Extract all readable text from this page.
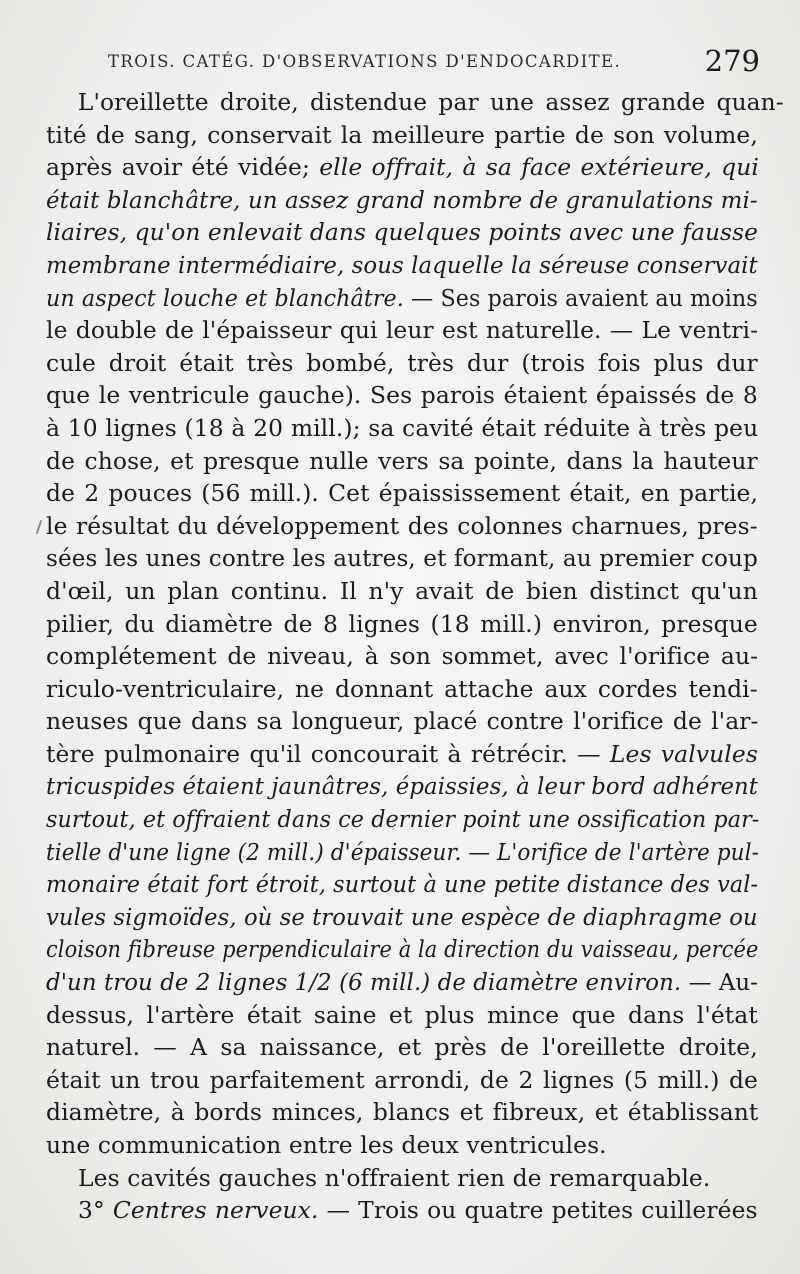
TROIS. CATÉG. D'OBSERVATIONS D'ENDOCARDITE.	279
L'oreillette droite, distendue par une assez grande quan-
tité de sang, conservait la meilleure partie de son volume,
après avoir été vidée; elle offrait, à sa face extérieure, qui
était blanchâtre, un assez grand nombre de granulations mi-
liaires, qu'on enlevait dans quelques points avec une fausse
membrane intermédiaire, sous laquelle la séreuse conservait
un aspect louche et blanchâtre. — Ses parois avaient au moins
le double de l'épaisseur qui leur est naturelle. — Le ventri-
cule droit était très bombé, très dur (trois fois plus dur
que le ventricule gauche). Ses parois étaient épaissés de 8
à 10 lignes (18 à 20 mill.); sa cavité était réduite à très peu
de chose, et presque nulle vers sa pointe, dans la hauteur
de 2 pouces (56 mill.). Cet épaississement était, en partie,
le résultat du développement des colonnes charnues, pres-
sées les unes contre les autres, et formant, au premier coup
d'œil, un plan continu. Il n'y avait de bien distinct qu'un
pilier, du diamètre de 8 lignes (18 mill.) environ, presque
complétement de niveau, à son sommet, avec l'orifice au-
riculo-ventriculaire, ne donnant attache aux cordes tendi-
neuses que dans sa longueur, placé contre l'orifice de l'ar-
tère pulmonaire qu'il concourait à rétrécir. — Les valvules
tricuspides étaient jaunâtres, épaissies, à leur bord adhérent
surtout, et offraient dans ce dernier point une ossification par-
tielle d'une ligne (2 mill.) d'épaisseur. — L'orifice de l'artère pul-
monaire était fort étroit, surtout à une petite distance des val-
vules sigmoïdes, où se trouvait une espèce de diaphragme ou
cloison fibreuse perpendiculaire à la direction du vaisseau, percée
d'un trou de 2 lignes 1/2 (6 mill.) de diamètre environ. — Au-
dessus, l'artère était saine et plus mince que dans l'état
naturel. — A sa naissance, et près de l'oreillette droite,
était un trou parfaitement arrondi, de 2 lignes (5 mill.) de
diamètre, à bords minces, blancs et fibreux, et établissant
une communication entre les deux ventricules.
Les cavités gauches n'offraient rien de remarquable.
3° Centres nerveux. — Trois ou quatre petites cuillerées
